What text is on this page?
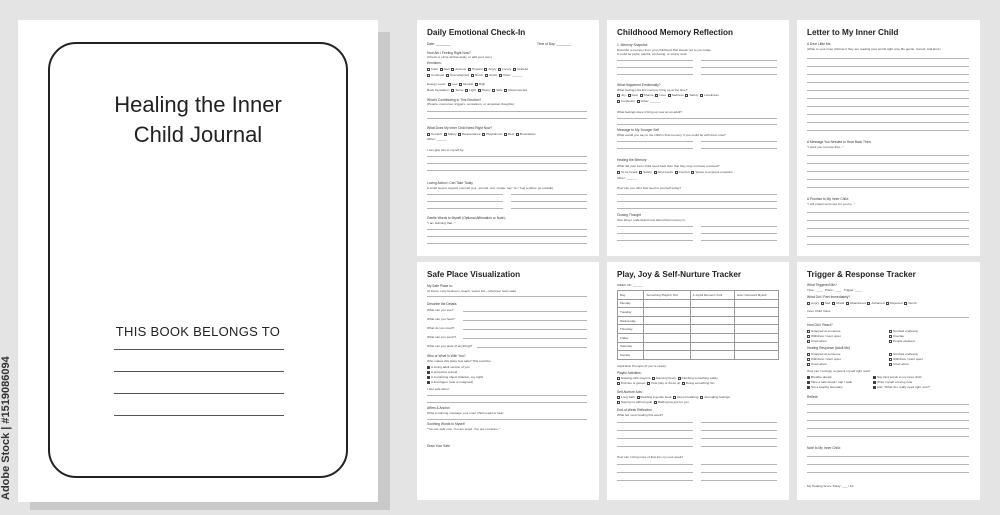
Healing the Inner
Child Journal
THIS BOOK BELONGS TO
Adobe Stock | #1519086094
Daily Emotional Check-In
Date: ________	Time of Day: ________
How Am I Feeling Right Now?
(Check or circle all that apply, or add your own.)
Emotions:
Calm Sad Anxious Hopeful Angry Lonely Grateful
Confused Overwhelmed Numb Joyful Other: ______
Energy Level: Low Neutral High
Body Sensation: Tense Light Heavy Safe Disconnected
What's Contributing to This Emotion?
(People, memories, triggers, sensations, or unspoken thoughts)
What Does My Inner Child Need Right Now?
Comfort Safety Reassurance Playfulness Rest Boundaries
Other: ______
I can give this to myself by:
Loving Action I Can Take Today
A small step to support yourself (e.g., journal, rest, create, say "no," hug a pillow, go outside).
Gentle Words to Myself (Optional Affirmation or Note):
"I am learning that..."
Childhood Memory Reflection
1. Memory Snapshot
Describe a memory from your childhood that stands out to you today.
It could be joyful, painful, confusing, or simply vivid.
What Happened Emotionally?
What feelings did this memory bring up at the time?
Joy Fear Shame Love Sadness Safety Loneliness
Confusion Other: ______
What feelings does it bring up now as an adult?
Message to My Younger Self
What would you say to the child in that memory, if you could be with them now?
Healing the Memory
What did your inner child need back then that they may not have received?
To be heard Safety Kind words Comfort Space to express emotions
Other: ______
How can you offer that need to yourself today?
Closing Thought
One thing I understand now about that memory is:
Letter to My Inner Child
A Dear Little Me,
(Write to your inner child as if they are reading your words right now. Be gentle, honest, and kind.)
A Message You Needed to Hear Back Then:
"I want you to know that..."
A Promise to My Inner Child:
"I will protect and care for you by..."
Safe Place Visualization
My Safe Place Is:
(A forest, cozy bedroom, beach, secret fort—wherever feels safe)
Describe the Details
What can you see?
What can you hear?
What do you smell?
What can you touch?
What can you taste (if anything)?
Who or What Is With You?
Who makes this place feel safe? This could be:
A loving adult version of you
A protective animal
A comforting object (blanket, toy, light)
A kind figure (real or imagined)
I feel safe when:
Affirm & Anchor
Write a calming message your inner child needs to hear:
Soothing Words to Myself
"You are safe now. You are loved. You are not alone."
Draw Your Safe
Play, Joy & Self-Nurture Tracker
WEEK OF: ______
Day	Something Playful I Did	A Joyful Moment I Felt	How I Nurtured Myself
Monday			
Tuesday			
Wednesday			
Thursday			
Friday			
Saturday			
Sunday			
Inspiration Prompts (If you're stuck):
Playful Activities:
Drawing with crayons Dancing freely Climbing something safely
Puzzles or games Kids play or dress up Doing something fun
Self-Nurture Acts:
Long bath Reading a gentle book Deep breathing Journaling feelings
Saying no without guilt Making tea just for you
End-of-Week Reflection
What felt most healing this week?
How can I bring more of that into my next week?
Trigger & Response Tracker
What Triggered Me?
Time: ____ Place: ____ Trigger: ____
What Did I Feel Immediately?
Angry Sad Afraid Abandoned Ashamed Rejected Numb
Inner Child Voice:
How Did I React?
Snapped at someone
Withdrew / went quiet
Cried alone
Scrolled endlessly
Overate
People-pleased
Healing Response (Adult Me)
Snapped at someone
Withdrew / went quiet
Cried alone
Scrolled endlessly
Withdrew / went quiet
Cried alone
How can I lovingly re-parent myself right now?
Breathe deeply
Take a safe break / nap / walk
Set a healthy boundary
Say kind words to my inner child
Write myself a loving note
Ask: "What do I really need right now?"
Reflect:
Note to My Inner Child:
My Healing Score Today: ___ / 10
